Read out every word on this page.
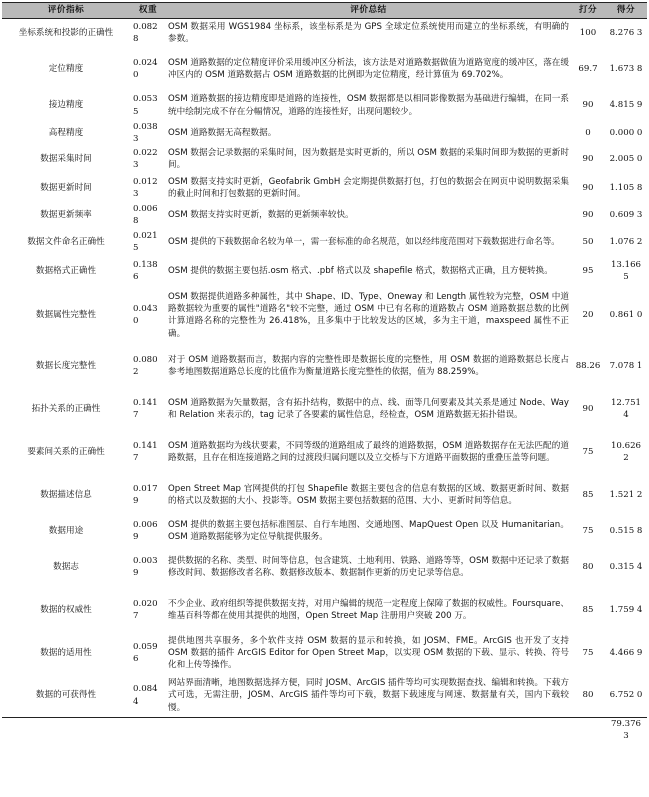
评价指标	权重	评价总结	打分	得分
坐标系统和投影的正确性	0.082 8	OSM 数据采用 WGS1984 坐标系，该坐标系是为 GPS 全球定位系统使用而建立的坐标系统，有明确的参数。	100	8.276 3
定位精度	0.024 0	OSM 道路数据的定位精度评价采用缓冲区分析法，该方法是对道路数据做值为道路宽度的缓冲区，落在缓冲区内的 OSM 道路数据占 OSM 道路数据的比例即为定位精度，经计算值为 69.702%。	69.7	1.673 8
接边精度	0.053 5	OSM 道路数据的接边精度即是道路的连接性，OSM 数据都是以相同影像数据为基础进行编辑，在同一系统中绘制完成不存在分幅情况，道路的连接性好，出现问题较少。	90	4.815 9
高程精度	0.038 3	OSM 道路数据无高程数据。	0	0.000 0
数据采集时间	0.022 3	OSM 数据会记录数据的采集时间，因为数据是实时更新的，所以 OSM 数据的采集时间即为数据的更新时间。	90	2.005 0
数据更新时间	0.012 3	OSM 数据支持实时更新，Geofabrik GmbH 会定期提供数据打包，打包的数据会在网页中说明数据采集的截止时间和打包数据的更新时间。	90	1.105 8
数据更新频率	0.006 8	OSM 数据支持实时更新，数据的更新频率较快。	90	0.609 3
数据文件命名正确性	0.021 5	OSM 提供的下载数据命名较为单一，需一套标准的命名规范，如以经纬度范围对下载数据进行命名等。	50	1.076 2
数据格式正确性	0.138 6	OSM 提供的数据主要包括.osm 格式、.pbf 格式以及 shapefile 格式，数据格式正确，且方便转换。	95	13.166 5
数据属性完整性	0.043 0	OSM 数据提供道路多种属性，其中 Shape、ID、Type、Oneway 和 Length 属性较为完整，OSM 中道路数据较为重要的属性"道路名"较不完整，通过 OSM 中已有名称的道路数占 OSM 道路数据总数的比例计算道路名称的完整性为 26.418%，且多集中于比较发达的区域，多为主干道，maxspeed 属性不正确。	20	0.861 0
数据长度完整性	0.080 2	对于 OSM 道路数据而言，数据内容的完整性即是数据长度的完整性，用 OSM 数据的道路数据总长度占参考地图数据道路总长度的比值作为衡量道路长度完整性的依据，值为 88.259%。	88.26	7.078 1
拓扑关系的正确性	0.141 7	OSM 道路数据为矢量数据，含有拓扑结构，数据中的点、线、面等几何要素及其关系是通过 Node、Way 和 Relation 来表示的，tag 记录了各要素的属性信息，经检查，OSM 道路数据无拓扑错误。	90	12.751 4
要素间关系的正确性	0.141 7	OSM 道路数据均为线状要素，不同等级的道路组成了最终的道路数据，OSM 道路数据存在无法匹配的道路数据，且存在相连接道路之间的过渡段归属问题以及立交桥与下方道路平面数据的重叠压盖等问题。	75	10.626 2
数据描述信息	0.017 9	Open Street Map 官网提供的打包 Shapefile 数据主要包含的信息有数据的区域、数据更新时间、数据的格式以及数据的大小、投影等。OSM 数据主要包括数据的范围、大小、更新时间等信息。	85	1.521 2
数据用途	0.006 9	OSM 提供的数据主要包括标准图层、自行车地图、交通地图、MapQuest Open 以及 Humanitarian。OSM 道路数据能够为定位导航提供服务。	75	0.515 8
数据志	0.003 9	提供数据的名称、类型、时间等信息，包含建筑、土地利用、铁路、道路等等，OSM 数据中还记录了数据修改时间、数据修改者名称、数据修改版本、数据制作更新的历史记录等信息。	80	0.315 4
数据的权威性	0.020 7	不少企业、政府组织等提供数据支持，对用户编辑的规范一定程度上保障了数据的权威性。Foursquare、维基百科等都在使用其提供的地图，Open Street Map 注册用户突破 200 万。	85	1.759 4
数据的适用性	0.059 6	提供地图共享服务，多个软件支持 OSM 数据的显示和转换，如 JOSM、FME。ArcGIS 也开发了支持 OSM 数据的插件 ArcGIS Editor for Open Street Map，以实现 OSM 数据的下载、显示、转换、符号化和上传等操作。	75	4.466 9
数据的可获得性	0.084 4	网站界面清晰，地图数据选择方便，同时 JOSM、ArcGIS 插件等均可实现数据查找、编辑和转换。下载方式可选，无需注册，JOSM、ArcGIS 插件等均可下载，数据下载速度与网速、数据量有关，国内下载较慢。	80	6.752 0
				79.376 3
